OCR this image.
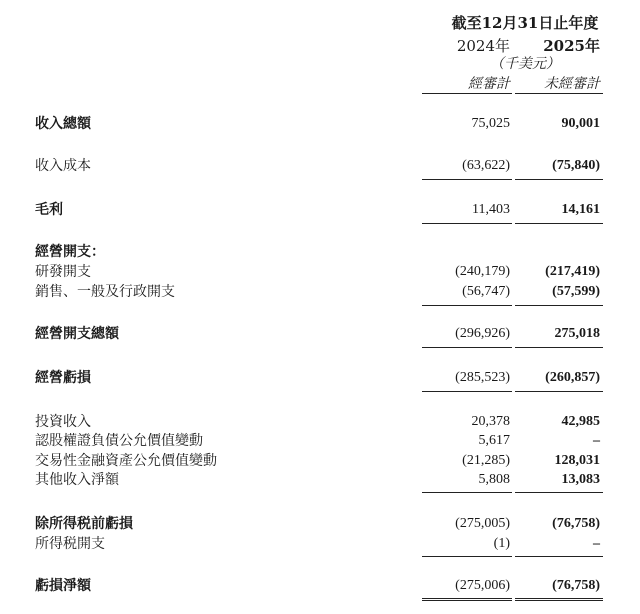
截至12月31日止年度
2024年	2025年
（千美元）
經審計	未經審計
收入總額	75,025	90,001
收入成本	(63,622)	(75,840)
毛利	11,403	14,161
經營開支：
研發開支	(240,179)	(217,419)
銷售、一般及行政開支	(56,747)	(57,599)
經營開支總額	(296,926)	275,018
經營虧損	(285,523)	(260,857)
投資收入	20,378	42,985
認股權證負債公允價值變動	5,617	–
交易性金融資產公允價值變動	(21,285)	128,031
其他收入淨額	5,808	13,083
除所得税前虧損	(275,005)	(76,758)
所得税開支	(1)	–
虧損淨額	(275,006)	(76,758)
